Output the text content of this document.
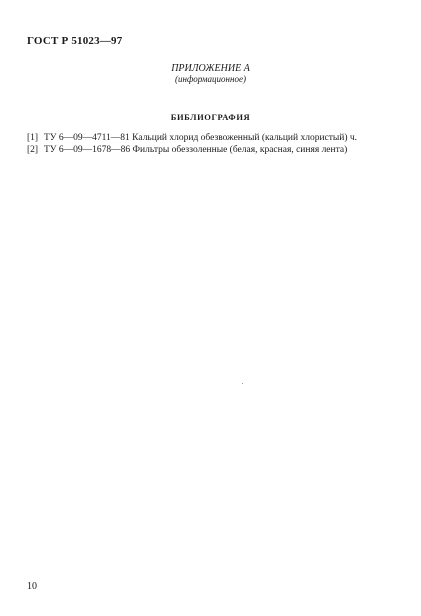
ГОСТ Р 51023—97
ПРИЛОЖЕНИЕ А
(информационное)
БИБЛИОГРАФИЯ
[1] ТУ 6—09—4711—81 Кальций хлорид обезвоженный (кальций хлористый) ч.
[2] ТУ 6—09—1678—86 Фильтры обеззоленные (белая, красная, синяя лента)
10
